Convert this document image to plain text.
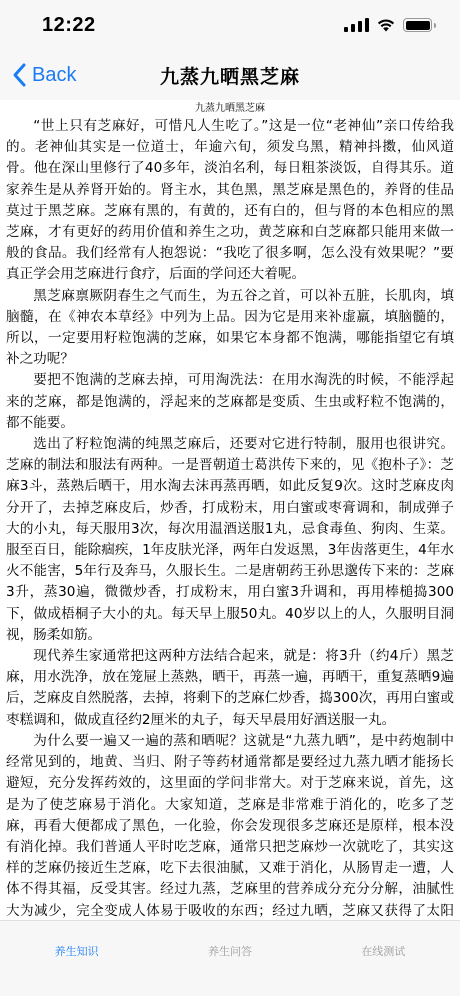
12:22
Back	九蒸九晒黑芝麻
九蒸九晒黑芝麻

“世上只有芝麻好，可惜凡人生吃了。”这是一位“老神仙”亲口传给我的。老神仙其实是一位道士，年逾六旬，须发乌黑，精神抖擞，仙风道骨。他在深山里修行了40多年，淡泊名利，每日粗茶淡饭，自得其乐。道家养生是从养肾开始的。肾主水，其色黑，黑芝麻是黑色的，养肾的佳品莫过于黑芝麻。芝麻有黑的，有黄的，还有白的，但与肾的本色相应的黑芝麻，才有更好的药用价值和养生之功，黄芝麻和白芝麻都只能用来做一般的食品。我们经常有人抱怨说：“我吃了很多啊，怎么没有效果呢？”要真正学会用芝麻进行食疗，后面的学问还大着呢。

黑芝麻禀厥阴春生之气而生，为五谷之首，可以补五脏，长肌肉，填脑髓，在《神农本草经》中列为上品。因为它是用来补虚羸，填脑髓的，所以，一定要用籽粒饱满的芝麻，如果它本身都不饱满，哪能指望它有填补之功呢？

要把不饱满的芝麻去掉，可用淘洗法：在用水淘洗的时候，不能浮起来的芝麻，都是饱满的，浮起来的芝麻都是变质、生虫或籽粒不饱满的，都不能要。

选出了籽粒饱满的纯黑芝麻后，还要对它进行特制，服用也很讲究。芝麻的制法和服法有两种。一是晋朝道士葛洪传下来的，见《抱朴子》：芝麻3斗，蒸熟后晒干，用水淘去沫再蒸再晒，如此反复9次。这时芝麻皮肉分开了，去掉芝麻皮后，炒香，打成粉末，用白蜜或枣膏调和，制成弹子大的小丸，每天服用3次，每次用温酒送服1丸，忌食毒鱼、狗肉、生菜。服至百日，能除痼疾，1年皮肤光泽，两年白发返黑，3年齿落更生，4年水火不能害，5年行及奔马，久服长生。二是唐朝药王孙思邈传下来的：芝麻3升，蒸30遍，微微炒香，打成粉末，用白蜜3升调和，再用棒槌捣300下，做成梧桐子大小的丸。每天早上服50丸。40岁以上的人，久服明目洞视，肠柔如筋。

现代养生家通常把这两种方法结合起来，就是：将3升（约4斤）黑芝麻，用水洗净，放在笼屉上蒸熟，晒干，再蒸一遍，再晒干，重复蒸晒9遍后，芝麻皮自然脱落，去掉，将剩下的芝麻仁炒香，捣300次，再用白蜜或枣糕调和，做成直径约2厘米的丸子，每天早晨用好酒送服一丸。

为什么要一遍又一遍的蒸和晒呢？这就是“九蒸九晒”，是中药炮制中经常见到的，地黄、当归、附子等药材通常都是要经过九蒸九晒才能扬长避短，充分发挥药效的，这里面的学问非常大。对于芝麻来说，首先，这是为了使芝麻易于消化。大家知道，芝麻是非常难于消化的，吃多了芝麻，再看大便都成了黑色，一化验，你会发现很多芝麻还是原样，根本没有消化掉。我们普通人平时吃芝麻，通常只把芝麻炒一次就吃了，其实这样的芝麻仍接近生芝麻，吃下去很油腻，又难于消化，从肠胃走一遭，人体不得其福，反受其害。经过九蒸，芝麻里的营养成分充分分解，油腻性大为减少，完全变成人体易于吸收的东西；经过九晒，芝麻又获得了太阳

养生知识	养生问答	在线测试
